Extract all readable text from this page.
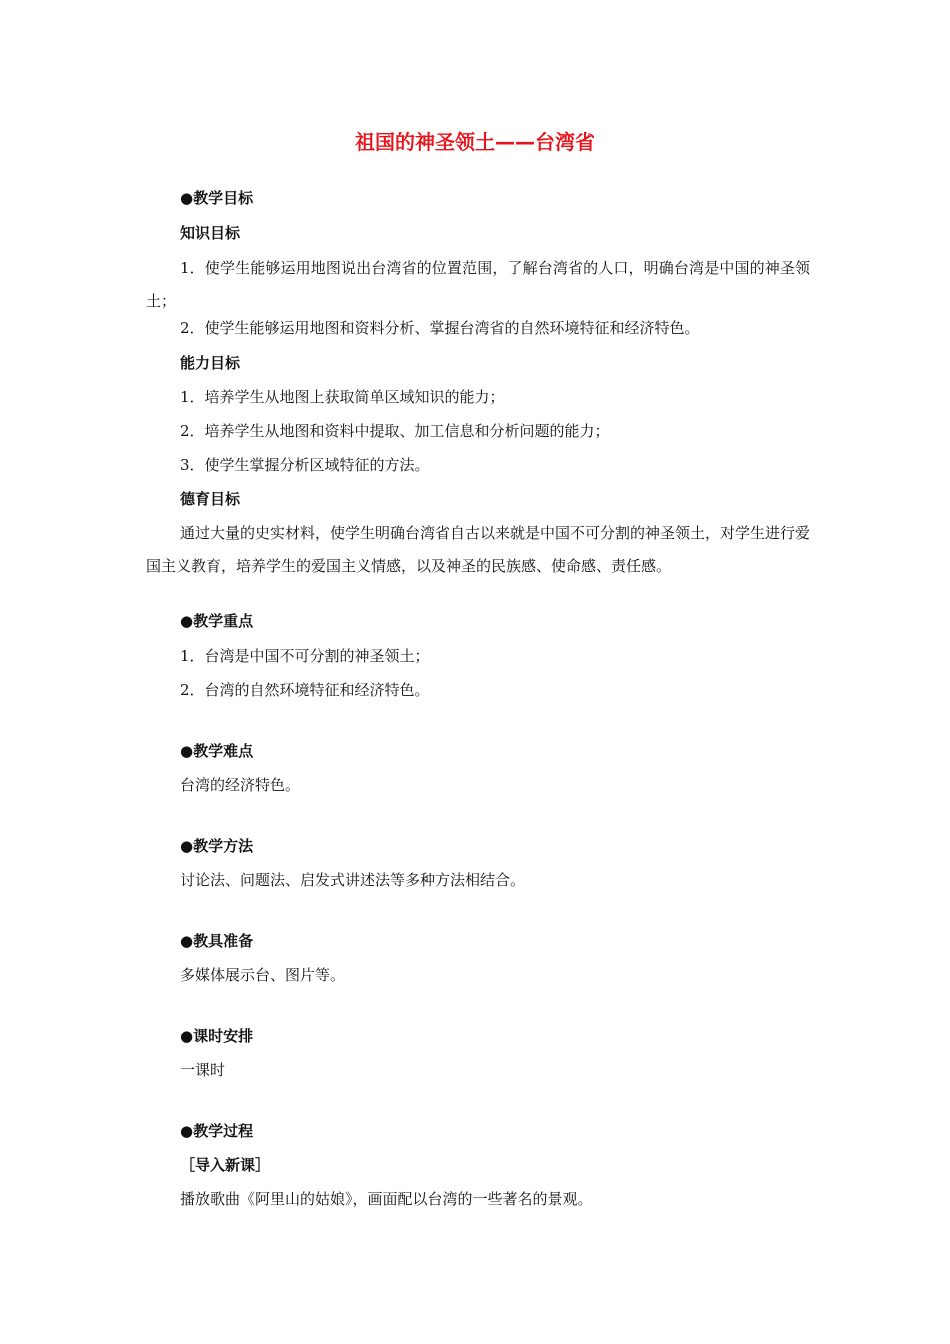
祖国的神圣领土——台湾省
●教学目标
知识目标
1．使学生能够运用地图说出台湾省的位置范围，了解台湾省的人口，明确台湾是中国的神圣领土；
2．使学生能够运用地图和资料分析、掌握台湾省的自然环境特征和经济特色。
能力目标
1．培养学生从地图上获取简单区域知识的能力；
2．培养学生从地图和资料中提取、加工信息和分析问题的能力；
3．使学生掌握分析区域特征的方法。
德育目标
通过大量的史实材料，使学生明确台湾省自古以来就是中国不可分割的神圣领土，对学生进行爱国主义教育，培养学生的爱国主义情感，以及神圣的民族感、使命感、责任感。
●教学重点
1．台湾是中国不可分割的神圣领土；
2．台湾的自然环境特征和经济特色。
●教学难点
台湾的经济特色。
●教学方法
讨论法、问题法、启发式讲述法等多种方法相结合。
●教具准备
多媒体展示台、图片等。
●课时安排
一课时
●教学过程
［导入新课］
播放歌曲《阿里山的姑娘》，画面配以台湾的一些著名的景观。
